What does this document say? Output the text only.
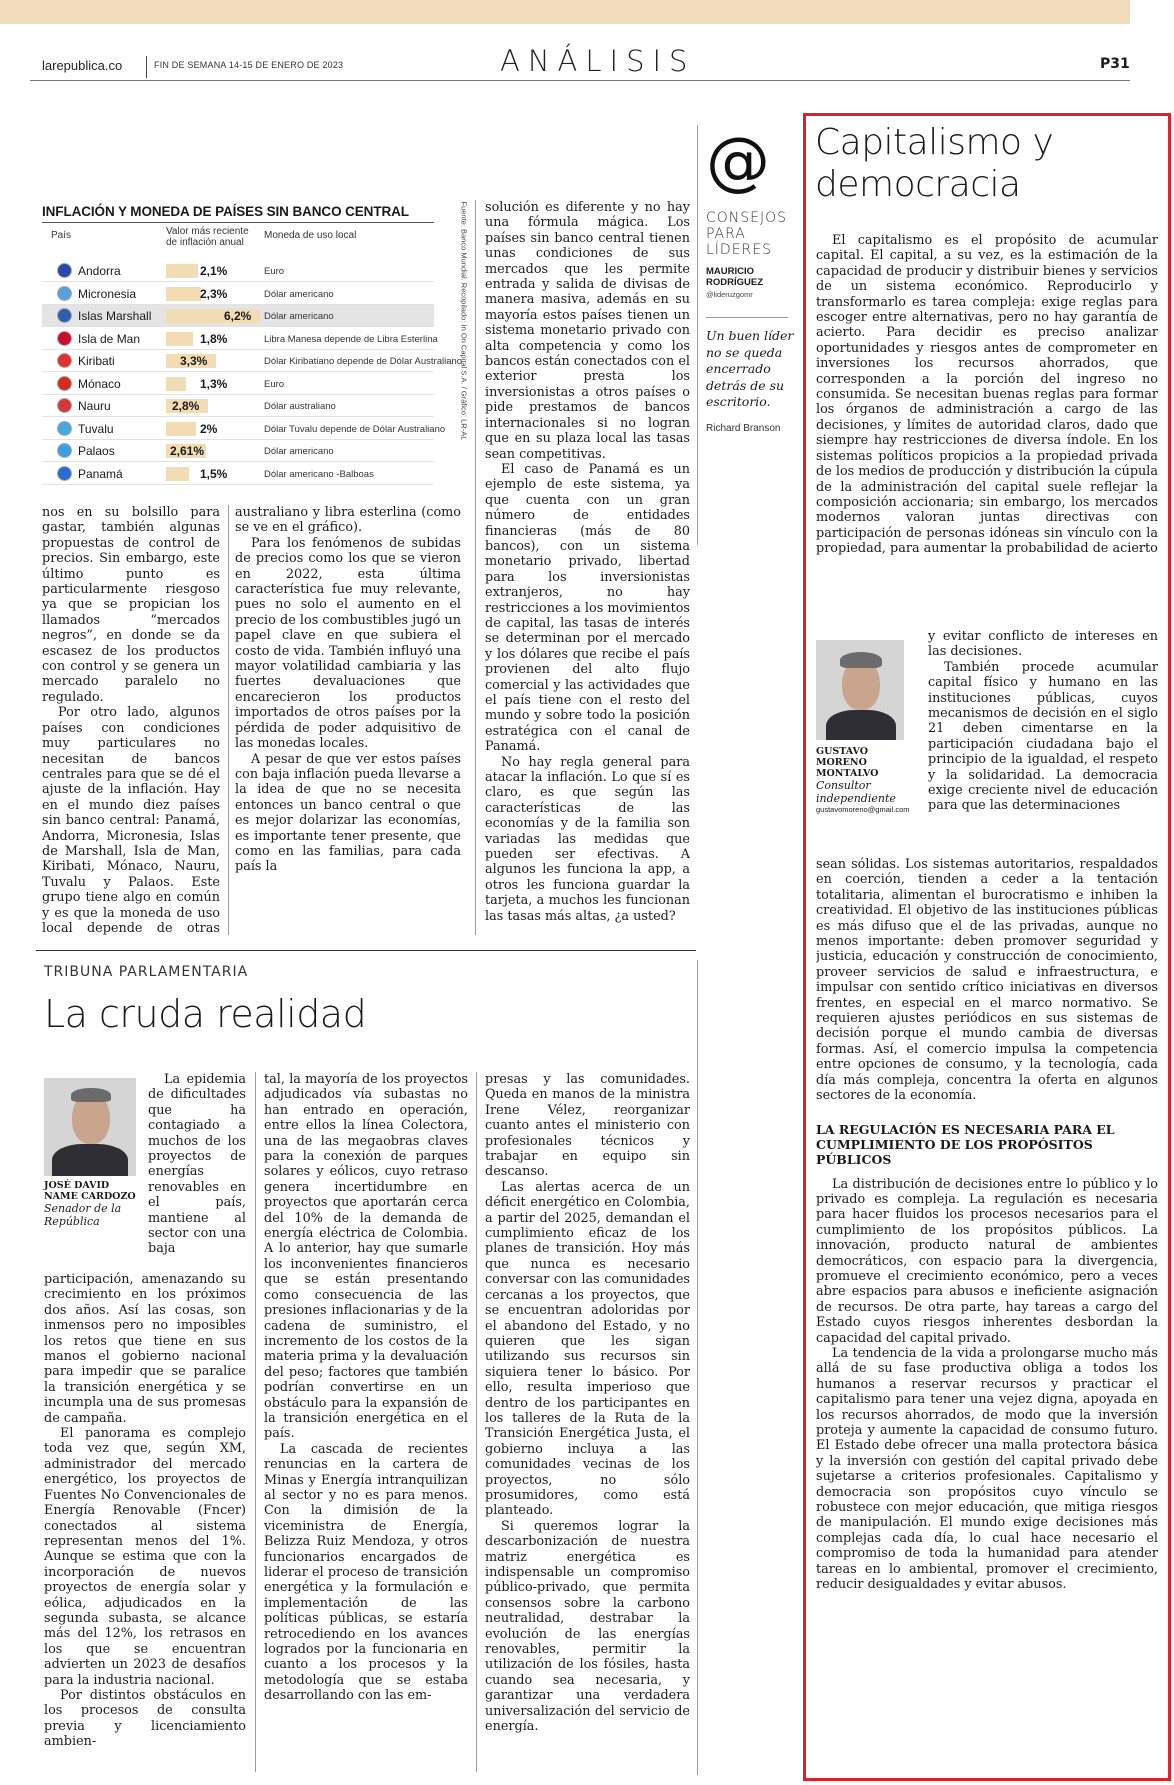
larepublica.co	FIN DE SEMANA 14-15 DE ENERO DE 2023	ANÁLISIS	P31
INFLACIÓN Y MONEDA DE PAÍSES SIN BANCO CENTRAL
País	Valor más reciente de inflación anual
Moneda de uso local
Andorra	2,1%	Euro
Micronesia	2,3%	Dólar americano
Islas Marshall	6,2% Dólar americano
Isla de Man	1,8%	Libra Manesa depende de Libra Esterlina
Kiribati	3,3%	Dólar Kiribatiano depende de Dólar Australiano
Mónaco	1,3%	Euro
Nauru	2,8%	Dólar australiano
Tuvalu	2%	Dólar Tuvalu depende de Dólar Australiano
Palaos	2,61%	Dólar americano
Panamá	1,5%	Dólar americano -Balboas
Fuente: Banco Mundial. Recopilado: In On Capital S.A. / Gráfico: LR-AL

nos en su bolsillo para gastar, también algunas propuestas de control de precios. Sin embargo, este último punto es particularmente riesgoso ya que se propician los llamados “mercados negros”, en donde se da escasez de los productos con control y se genera un mercado paralelo no regulado.

Por otro lado, algunos países con condiciones muy particulares no necesitan de bancos centrales para que se dé el ajuste de la inflación. Hay en el mundo diez países sin banco central: Panamá, Andorra, Micronesia, Islas de Marshall, Isla de Man, Kiribati, Mónaco, Nauru, Tuvalu y Palaos. Este grupo tiene algo en común y es que la moneda de uso local depende de otras

australiano y libra esterlina (como se ve en el gráfico).

Para los fenómenos de subidas de precios como los que se vieron en 2022, esta última característica fue muy relevante, pues no solo el aumento en el precio de los combustibles jugó un papel clave en que subiera el costo de vida. También influyó una mayor volatilidad cambiaria y las fuertes devaluaciones que encarecieron los productos importados de otros países por la pérdida de poder adquisitivo de las monedas locales.

A pesar de que ver estos países con baja inflación pueda llevarse a la idea de que no se necesita entonces un banco central o que es mejor dolarizar las economías, es importante tener presente, que como en las familias, para cada país la

solución es diferente y no hay una fórmula mágica. Los países sin banco central tienen unas condiciones de sus mercados que les permite entrada y salida de divisas de manera masiva, además en su mayoría estos países tienen un sistema monetario privado con alta competencia y como los bancos están conectados con el exterior presta los inversionistas a otros países o pide prestamos de bancos internacionales si no logran que en su plaza local las tasas sean competitivas.

El caso de Panamá es un ejemplo de este sistema, ya que cuenta con un gran número de entidades financieras (más de 80 bancos), con un sistema monetario privado, libertad para los inversionistas extranjeros, no hay restricciones a los movimientos de capital, las tasas de interés se determinan por el mercado y los dólares que recibe el país provienen del alto flujo comercial y las actividades que el país tiene con el resto del mundo y sobre todo la posición estratégica con el canal de Panamá.

No hay regla general para atacar la inflación. Lo que sí es claro, es que según las características de las economías y de la familia son variadas las medidas que pueden ser efectivas. A algunos les funciona la app, a otros les funciona guardar la tarjeta, a muchos les funcionan las tasas más altas, ¿a usted?

@
CONSEJOS
PARA
LÍDERES
MAURICIO
RODRÍGUEZ
@lideruzgomr
Un buen líder no se queda encerrado detrás de su escritorio.
Richard Branson
Capitalismo y
democracia

El capitalismo es el propósito de acumular capital. El capital, a su vez, es la estimación de la capacidad de producir y distribuir bienes y servicios de un sistema económico. Reproducirlo y transformarlo es tarea compleja: exige reglas para escoger entre alternativas, pero no hay garantía de acierto. Para decidir es preciso analizar oportunidades y riesgos antes de comprometer en inversiones los recursos ahorrados, que corresponden a la porción del ingreso no consumida. Se necesitan buenas reglas para formar los órganos de administración a cargo de las decisiones, y límites de autoridad claros, dado que siempre hay restricciones de diversa índole. En los sistemas políticos propicios a la propiedad privada de los medios de producción y distribución la cúpula de la administración del capital suele reflejar la composición accionaria; sin embargo, los mercados modernos valoran juntas directivas con participación de personas idóneas sin vínculo con la propiedad, para aumentar la probabilidad de acierto

GUSTAVO
MORENO
MONTALVO
Consultor independiente
gustavomoreno@gmail.com

y evitar conflicto de intereses en las decisiones.

También procede acumular capital físico y humano en las instituciones públicas, cuyos mecanismos de decisión en el siglo 21 deben cimentarse en la participación ciudadana bajo el principio de la igualdad, el respeto y la solidaridad. La democracia exige creciente nivel de educación para que las determinaciones

sean sólidas. Los sistemas autoritarios, respaldados en coerción, tienden a ceder a la tentación totalitaria, alimentan el burocratismo e inhiben la creatividad. El objetivo de las instituciones públicas es más difuso que el de las privadas, aunque no menos importante: deben promover seguridad y justicia, educación y construcción de conocimiento, proveer servicios de salud e infraestructura, e impulsar con sentido crítico iniciativas en diversos frentes, en especial en el marco normativo. Se requieren ajustes periódicos en sus sistemas de decisión porque el mundo cambia de diversas formas. Así, el comercio impulsa la competencia entre opciones de consumo, y la tecnología, cada día más compleja, concentra la oferta en algunos sectores de la economía.

LA REGULACIÓN ES NECESARIA PARA EL CUMPLIMIENTO DE LOS PROPÓSITOS PÚBLICOS

La distribución de decisiones entre lo público y lo privado es compleja. La regulación es necesaria para hacer fluidos los procesos necesarios para el cumplimiento de los propósitos públicos. La innovación, producto natural de ambientes democráticos, con espacio para la divergencia, promueve el crecimiento económico, pero a veces abre espacios para abusos e ineficiente asignación de recursos. De otra parte, hay tareas a cargo del Estado cuyos riesgos inherentes desbordan la capacidad del capital privado.

La tendencia de la vida a prolongarse mucho más allá de su fase productiva obliga a todos los humanos a reservar recursos y practicar el capitalismo para tener una vejez digna, apoyada en los recursos ahorrados, de modo que la inversión proteja y aumente la capacidad de consumo futuro. El Estado debe ofrecer una malla protectora básica y la inversión con gestión del capital privado debe sujetarse a criterios profesionales. Capitalismo y democracia son propósitos cuyo vínculo se robustece con mejor educación, que mitiga riesgos de manipulación. El mundo exige decisiones más complejas cada día, lo cual hace necesario el compromiso de toda la humanidad para atender tareas en lo ambiental, promover el crecimiento, reducir desigualdades y evitar abusos.

TRIBUNA PARLAMENTARIA
La cruda realidad
JOSÉ DAVID
NAME CARDOZO
Senador de la República

La epidemia de dificultades que ha contagiado a muchos de los proyectos de energías renovables en el país, mantiene al sector con una baja

participación, amenazando su crecimiento en los próximos dos años. Así las cosas, son inmensos pero no imposibles los retos que tiene en sus manos el gobierno nacional para impedir que se paralice la transición energética y se incumpla una de sus promesas de campaña.

El panorama es complejo toda vez que, según XM, administrador del mercado energético, los proyectos de Fuentes No Convencionales de Energía Renovable (Fncer) conectados al sistema representan menos del 1%. Aunque se estima que con la incorporación de nuevos proyectos de energía solar y eólica, adjudicados en la segunda subasta, se alcance más del 12%, los retrasos en los que se encuentran advierten un 2023 de desafíos para la industria nacional.

Por distintos obstáculos en los procesos de consulta previa y licenciamiento ambien-

tal, la mayoría de los proyectos adjudicados vía subastas no han entrado en operación, entre ellos la línea Colectora, una de las megaobras claves para la conexión de parques solares y eólicos, cuyo retraso genera incertidumbre en proyectos que aportarán cerca del 10% de la demanda de energía eléctrica de Colombia. A lo anterior, hay que sumarle los inconvenientes financieros que se están presentando como consecuencia de las presiones inflacionarias y de la cadena de suministro, el incremento de los costos de la materia prima y la devaluación del peso; factores que también podrían convertirse en un obstáculo para la expansión de la transición energética en el país.

La cascada de recientes renuncias en la cartera de Minas y Energía intranquilizan al sector y no es para menos. Con la dimisión de la viceministra de Energía, Belizza Ruiz Mendoza, y otros funcionarios encargados de liderar el proceso de transición energética y la formulación e implementación de las políticas públicas, se estaría retrocediendo en los avances logrados por la funcionaria en cuanto a los procesos y la metodología que se estaba desarrollando con las em-

presas y las comunidades. Queda en manos de la ministra Irene Vélez, reorganizar cuanto antes el ministerio con profesionales técnicos y trabajar en equipo sin descanso.

Las alertas acerca de un déficit energético en Colombia, a partir del 2025, demandan el cumplimiento eficaz de los planes de transición. Hoy más que nunca es necesario conversar con las comunidades cercanas a los proyectos, que se encuentran adoloridas por el abandono del Estado, y no quieren que les sigan utilizando sus recursos sin siquiera tener lo básico. Por ello, resulta imperioso que dentro de los participantes en los talleres de la Ruta de la Transición Energética Justa, el gobierno incluya a las comunidades vecinas de los proyectos, no sólo prosumidores, como está planteado.

Si queremos lograr la descarbonización de nuestra matriz energética es indispensable un compromiso público-privado, que permita consensos sobre la carbono neutralidad, destrabar la evolución de las energías renovables, permitir la utilización de los fósiles, hasta cuando sea necesaria, y garantizar una verdadera universalización del servicio de energía.
